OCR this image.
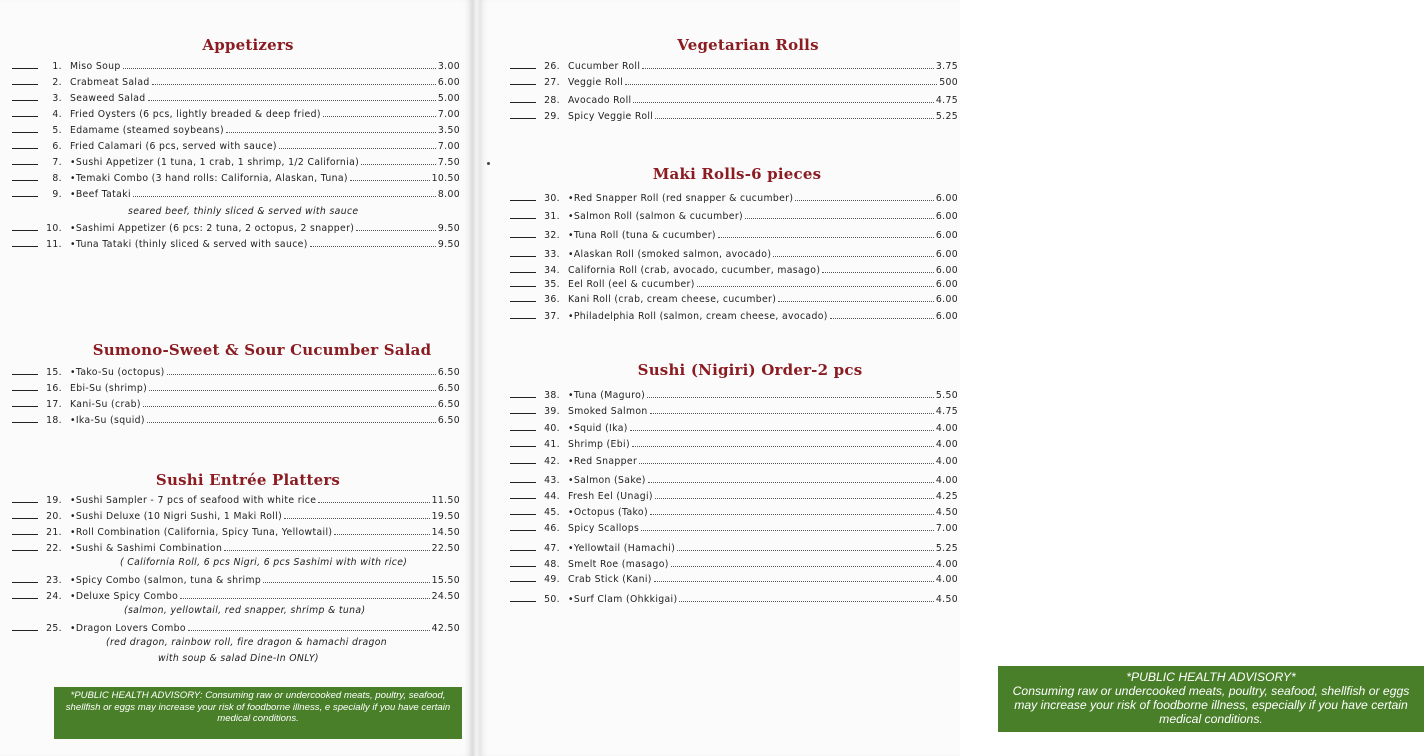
Appetizers
1. Miso Soup	3.00
2. Crabmeat Salad	6.00
3. Seaweed Salad	5.00
4. Fried Oysters (6 pcs, lightly breaded & deep fried)	7.00
5. Edamame (steamed soybeans)	3.50
6. Fried Calamari (6 pcs, served with sauce)	7.00
7. •Sushi Appetizer (1 tuna, 1 crab, 1 shrimp, 1/2 California)	7.50
8. •Temaki Combo (3 hand rolls: California, Alaskan, Tuna)	10.50
9. •Beef Tataki	8.00
10. •Sashimi Appetizer (6 pcs: 2 tuna, 2 octopus, 2 snapper)	9.50
11. •Tuna Tataki (thinly sliced & served with sauce)	9.50
seared beef, thinly sliced & served with sauce
Sumono-Sweet & Sour Cucumber Salad
15. •Tako-Su (octopus)	6.50
16. Ebi-Su (shrimp)	6.50
17. Kani-Su (crab)	6.50
18. •Ika-Su (squid)	6.50
Sushi Entrée Platters
19. •Sushi Sampler - 7 pcs of seafood with white rice	11.50
20. •Sushi Deluxe (10 Nigri Sushi, 1 Maki Roll)	19.50
21. •Roll Combination (California, Spicy Tuna, Yellowtail)	14.50
22. •Sushi & Sashimi Combination	22.50
23. •Spicy Combo (salmon, tuna & shrimp	15.50
24. •Deluxe Spicy Combo	24.50
25. •Dragon Lovers Combo	42.50
( California Roll, 6 pcs Nigri, 6 pcs Sashimi with with rice)
(salmon, yellowtail, red snapper, shrimp & tuna)
(red dragon, rainbow roll, fire dragon & hamachi dragon
with soup & salad Dine-In ONLY)
*PUBLIC HEALTH ADVISORY: Consuming raw or undercooked meats, poultry, seafood, shellfish or eggs may increase your risk of foodborne illness, e specially if you have certain medical conditions.
Vegetarian Rolls
26. Cucumber Roll	3.75
27. Veggie Roll	500
28. Avocado Roll	4.75
29. Spicy Veggie Roll	5.25
Maki Rolls-6 pieces
30. •Red Snapper Roll (red snapper & cucumber)	6.00
31. •Salmon Roll (salmon & cucumber)	6.00
32. •Tuna Roll (tuna & cucumber)	6.00
33. •Alaskan Roll (smoked salmon, avocado)	6.00
34. California Roll (crab, avocado, cucumber, masago)	6.00
35. Eel Roll (eel & cucumber)	6.00
36. Kani Roll (crab, cream cheese, cucumber)	6.00
37. •Philadelphia Roll (salmon, cream cheese, avocado)	6.00
Sushi (Nigiri) Order-2 pcs
38. •Tuna (Maguro)	5.50
39. Smoked Salmon	4.75
40. •Squid (Ika)	4.00
41. Shrimp (Ebi)	4.00
42. •Red Snapper	4.00
43. •Salmon (Sake)	4.00
44. Fresh Eel (Unagi)	4.25
45. •Octopus (Tako)	4.50
46. Spicy Scallops	7.00
47. •Yellowtail (Hamachi)	5.25
48. Smelt Roe (masago)	4.00
49. Crab Stick (Kani)	4.00
50. •Surf Clam (Ohkkigai)	4.50
*PUBLIC HEALTH ADVISORY*
Consuming raw or undercooked meats, poultry, seafood, shellfish or eggs may increase your risk of foodborne illness, especially if you have certain medical conditions.
